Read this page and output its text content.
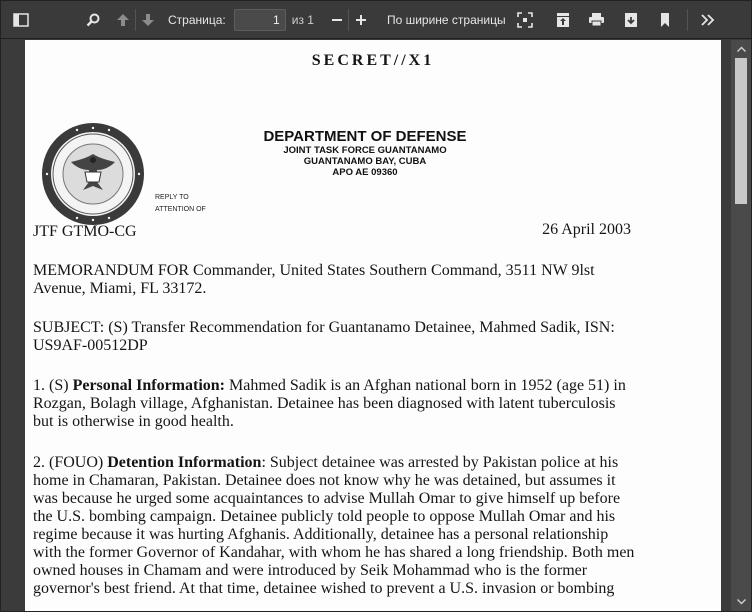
Страница:
1	из 1	По ширине страницы
SECRET//X1
DEPARTMENT OF DEFENSE
JOINT TASK FORCE GUANTANAMO
GUANTANAMO BAY, CUBA
APO AE 09360
REPLY TO
ATTENTION OF
JTF GTMO-CG	26 April 2003
MEMORANDUM FOR Commander, United States Southern Command, 3511 NW 9lst
Avenue, Miami, FL 33172.
SUBJECT: (S) Transfer Recommendation for Guantanamo Detainee, Mahmed Sadik, ISN:
US9AF-00512DP
1. (S) Personal Information: Mahmed Sadik is an Afghan national born in 1952 (age 51) in
Rozgan, Bolagh village, Afghanistan. Detainee has been diagnosed with latent tuberculosis
but is otherwise in good health.
2. (FOUO) Detention Information: Subject detainee was arrested by Pakistan police at his
home in Chamaran, Pakistan. Detainee does not know why he was detained, but assumes it
was because he urged some acquaintances to advise Mullah Omar to give himself up before
the U.S. bombing campaign. Detainee publicly told people to oppose Mullah Omar and his
regime because it was hurting Afghanis. Additionally, detainee has a personal relationship
with the former Governor of Kandahar, with whom he has shared a long friendship. Both men
owned houses in Chamam and were introduced by Seik Mohammad who is the former
governor's best friend. At that time, detainee wished to prevent a U.S. invasion or bombing
